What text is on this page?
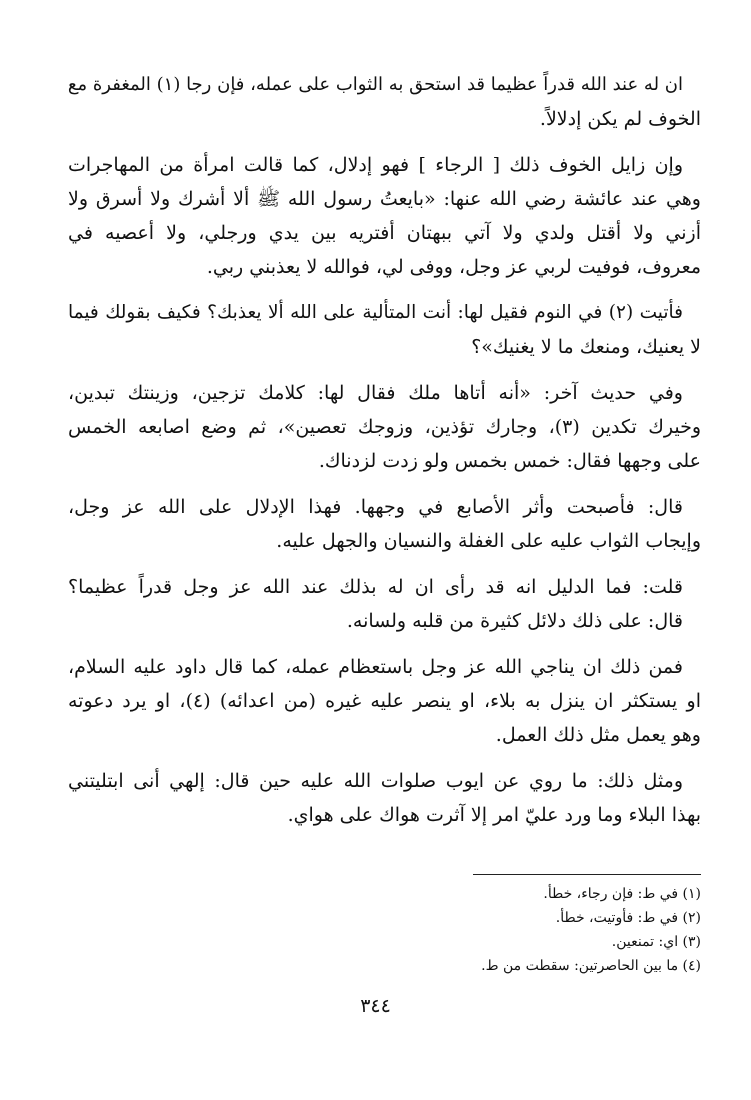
ان له عند الله قدراً عظيما قد استحق به الثواب على عمله، فإن رجا (١) المغفرة مع
الخوف لم يكن إدلالاً.
وإن زايل الخوف ذلك [ الرجاء ] فهو إدلال، كما قالت امرأة من المهاجرات
وهي عند عائشة رضي الله عنها: «بايعتُ رسول الله ﷺ ألا أشرك ولا أسرق ولا
أزني ولا أقتل ولدي ولا آتي ببهتان أفتريه بين يدي ورجلي، ولا أعصيه في
معروف، فوفيت لربي عز وجل، ووفى لي، فوالله لا يعذبني ربي.
فأتيت (٢) في النوم فقيل لها: أنت المتألية على الله ألا يعذبك؟ فكيف بقولك فيما
لا يعنيك، ومنعك ما لا يغنيك»؟
وفي حديث آخر: «أنه أتاها ملك فقال لها: كلامك تزجين، وزينتك تبدين،
وخيرك تكدين (٣)، وجارك تؤذين، وزوجك تعصين»، ثم وضع اصابعه الخمس
على وجهها فقال: خمس بخمس ولو زدت لزدناك.
قال: فأصبحت وأثر الأصابع في وجهها. فهذا الإدلال على الله عز وجل،
وإيجاب الثواب عليه على الغفلة والنسيان والجهل عليه.
قلت: فما الدليل انه قد رأى ان له بذلك عند الله عز وجل قدراً عظيما؟
قال: على ذلك دلائل كثيرة من قلبه ولسانه.
فمن ذلك ان يناجي الله عز وجل باستعظام عمله، كما قال داود عليه السلام،
او يستكثر ان ينزل به بلاء، او ينصر عليه غيره (من اعدائه) (٤)، او يرد دعوته
وهو يعمل مثل ذلك العمل.
ومثل ذلك: ما روي عن ايوب صلوات الله عليه حين قال: إلهي أنى ابتليتني
بهذا البلاء وما ورد عليّ امر إلا آثرت هواك على هواي.
(١) في ط: فإن رجاء، خطأ.
(٢) في ط: فأوتيت، خطأ.
(٣) اي: تمنعين.
(٤) ما بين الحاصرتين: سقطت من ط.
٣٤٤
